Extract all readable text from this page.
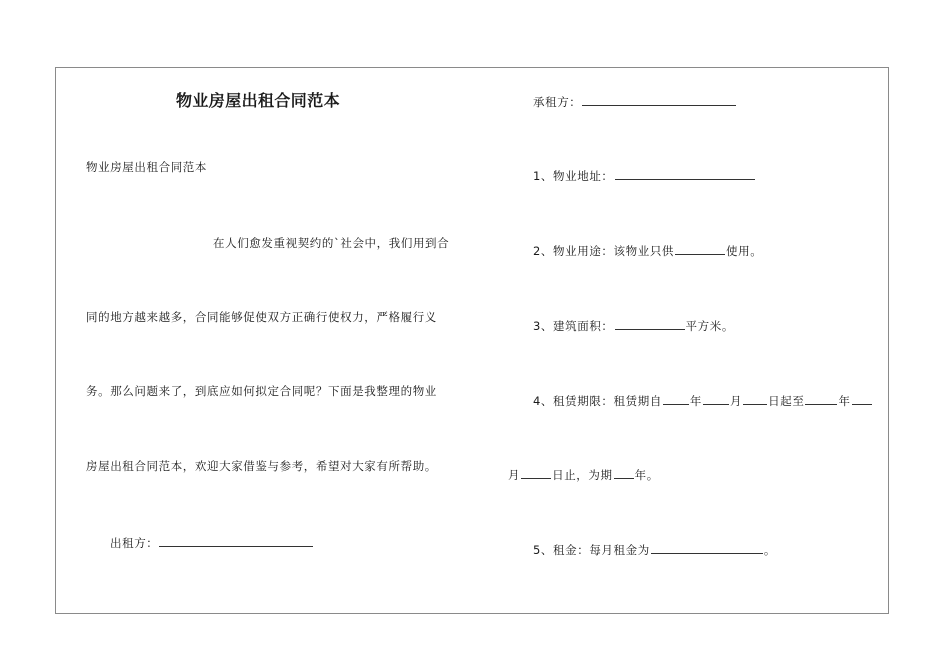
物业房屋出租合同范本
物业房屋出租合同范本
在人们愈发重视契约的`社会中，我们用到合
同的地方越来越多，合同能够促使双方正确行使权力，严格履行义
务。那么问题来了，到底应如何拟定合同呢？下面是我整理的物业
房屋出租合同范本，欢迎大家借鉴与参考，希望对大家有所帮助。
出租方：
承租方：
1、物业地址：
2、物业用途：该物业只供	使用。
3、建筑面积：	平方米。
4、租赁期限：租赁期自 年 月 日起至	年
月	日止，为期 年。
5、租金：每月租金为	。
